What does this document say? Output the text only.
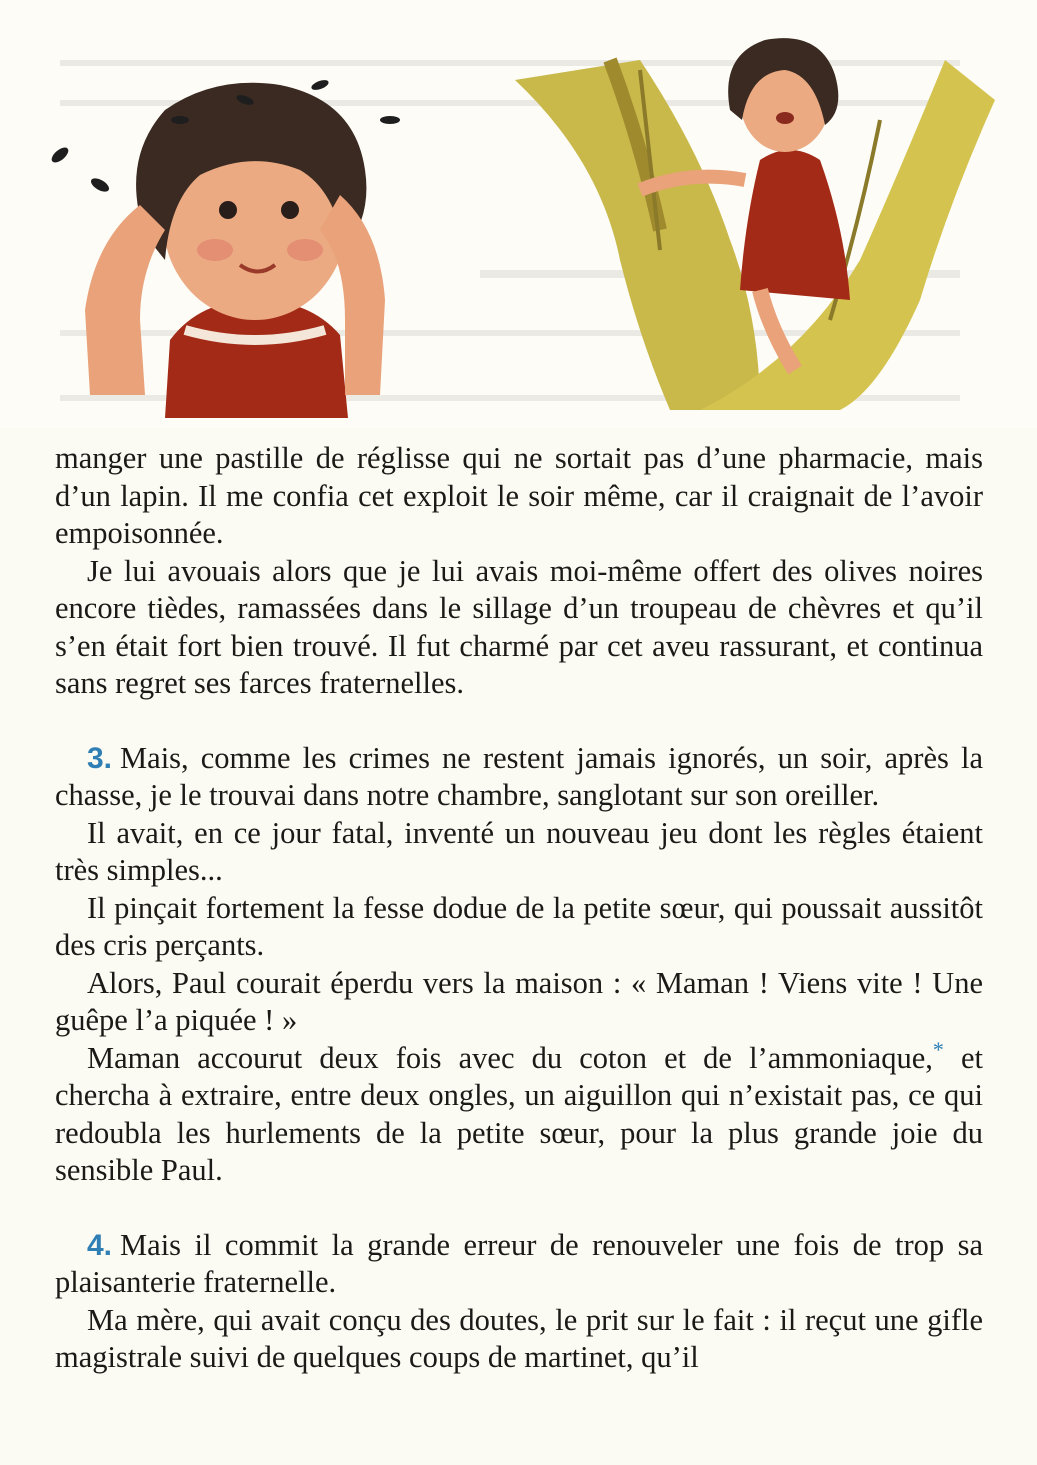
manger une pastille de réglisse qui ne sortait pas d’une pharmacie, mais d’un lapin. Il me confia cet exploit le soir même, car il craignait de l’avoir empoisonnée.

Je lui avouais alors que je lui avais moi-même offert des olives noires encore tièdes, ramassées dans le sillage d’un troupeau de chèvres et qu’il s’en était fort bien trouvé. Il fut charmé par cet aveu rassurant, et continua sans regret ses farces fraternelles.

3. Mais, comme les crimes ne restent jamais ignorés, un soir, après la chasse, je le trouvai dans notre chambre, sanglotant sur son oreiller.

Il avait, en ce jour fatal, inventé un nouveau jeu dont les règles étaient très simples...

Il pinçait fortement la fesse dodue de la petite sœur, qui poussait aussitôt des cris perçants.

Alors, Paul courait éperdu vers la maison : « Maman ! Viens vite ! Une guêpe l’a piquée ! »

Maman accourut deux fois avec du coton et de l’ammoniaque,* et chercha à extraire, entre deux ongles, un aiguillon qui n’existait pas, ce qui redoubla les hurlements de la petite sœur, pour la plus grande joie du sensible Paul.

4. Mais il commit la grande erreur de renouveler une fois de trop sa plaisanterie fraternelle.

Ma mère, qui avait conçu des doutes, le prit sur le fait : il reçut une gifle magistrale suivi de quelques coups de martinet, qu’il
